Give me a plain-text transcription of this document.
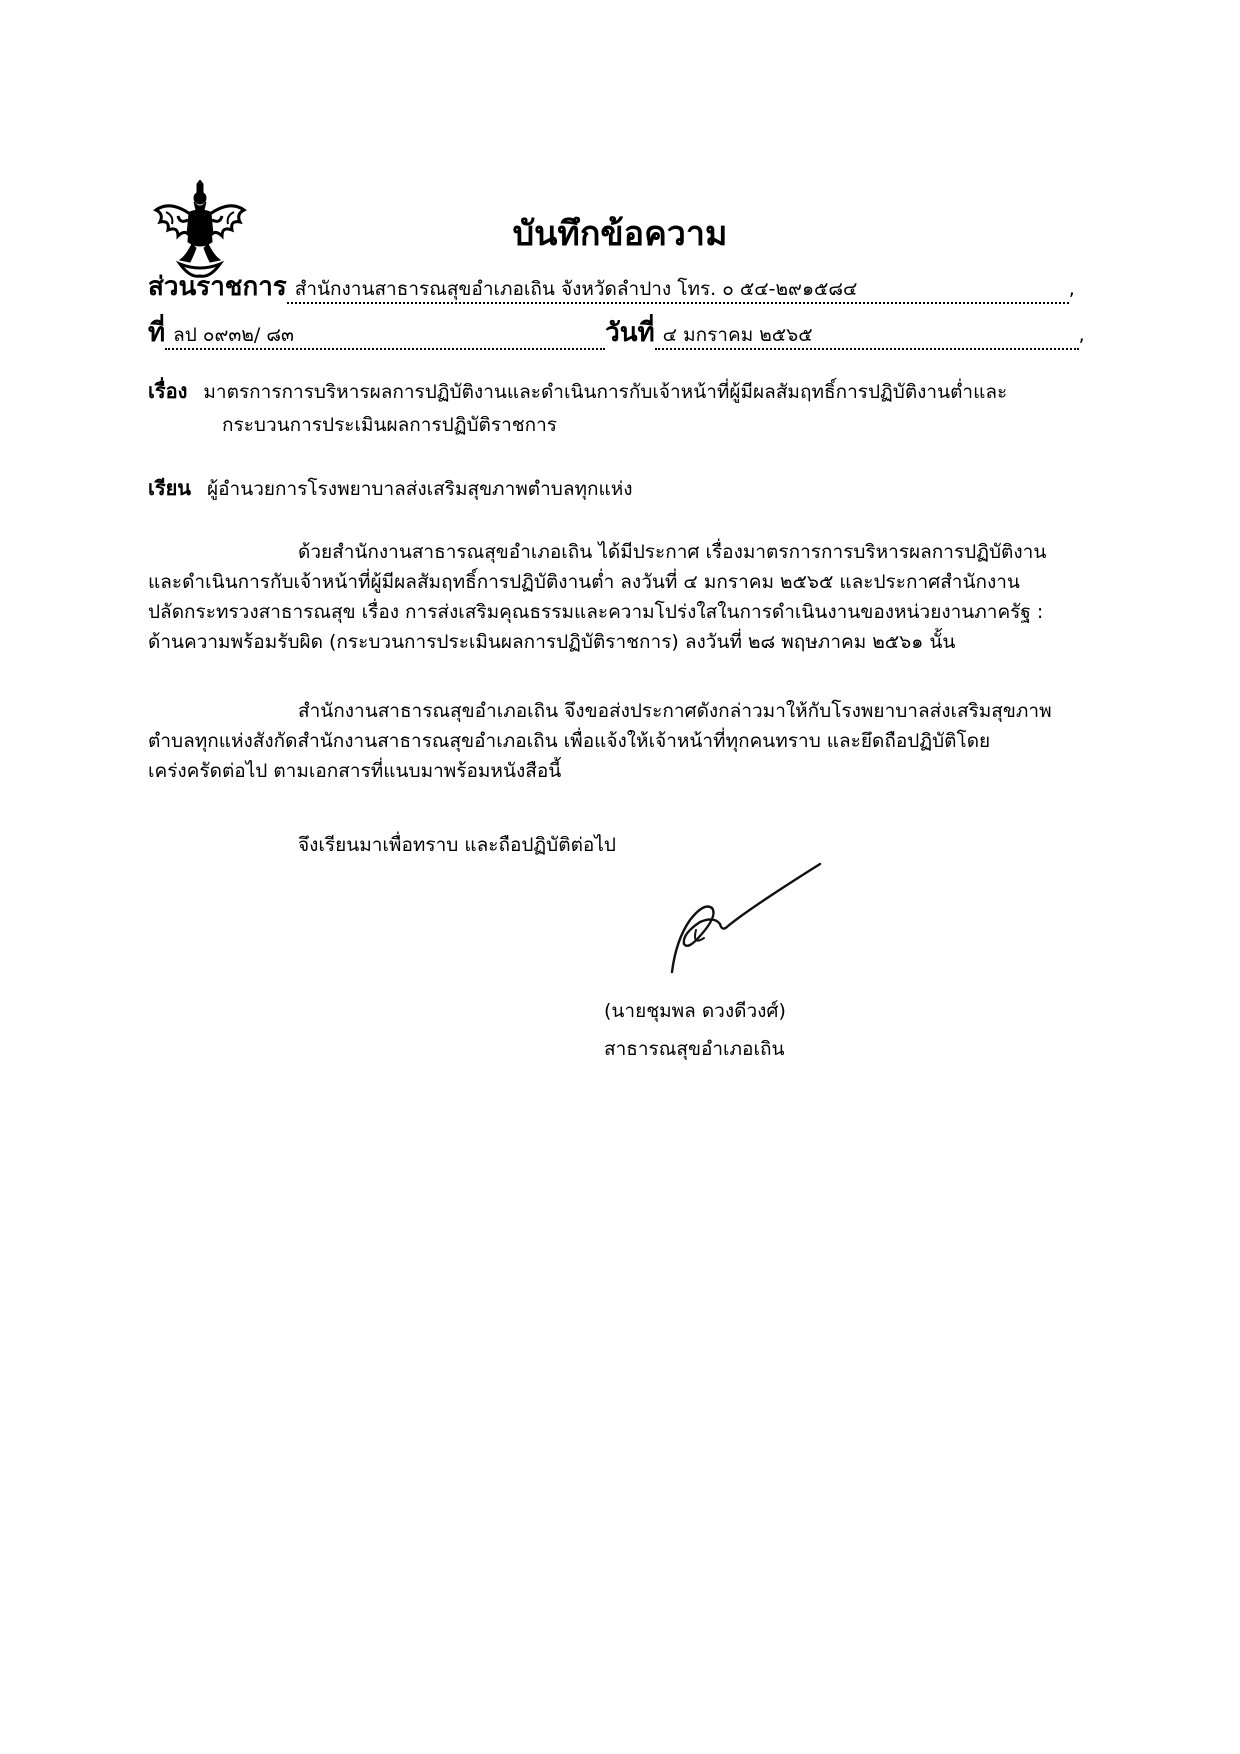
บันทึกข้อความ
ส่วนราชการ สำนักงานสาธารณสุขอำเภอเถิน จังหวัดลำปาง โทร. ๐ ๕๔-๒๙๑๕๘๔	,
ที่ ลป ๐๙๓๒/ ๘๓	วันที่ ๔ มกราคม ๒๕๖๕	,
เรื่อง มาตรการการบริหารผลการปฏิบัติงานและดำเนินการกับเจ้าหน้าที่ผู้มีผลสัมฤทธิ์การปฏิบัติงานต่ำและ
กระบวนการประเมินผลการปฏิบัติราชการ
เรียน ผู้อำนวยการโรงพยาบาลส่งเสริมสุขภาพตำบลทุกแห่ง
ด้วยสำนักงานสาธารณสุขอำเภอเถิน ได้มีประกาศ เรื่องมาตรการการบริหารผลการปฏิบัติงาน
และดำเนินการกับเจ้าหน้าที่ผู้มีผลสัมฤทธิ์การปฏิบัติงานต่ำ ลงวันที่ ๔ มกราคม ๒๕๖๕ และประกาศสำนักงาน
ปลัดกระทรวงสาธารณสุข เรื่อง การส่งเสริมคุณธรรมและความโปร่งใสในการดำเนินงานของหน่วยงานภาครัฐ :
ด้านความพร้อมรับผิด (กระบวนการประเมินผลการปฏิบัติราชการ) ลงวันที่ ๒๘ พฤษภาคม ๒๕๖๑ นั้น
สำนักงานสาธารณสุขอำเภอเถิน จึงขอส่งประกาศดังกล่าวมาให้กับโรงพยาบาลส่งเสริมสุขภาพ
ตำบลทุกแห่งสังกัดสำนักงานสาธารณสุขอำเภอเถิน เพื่อแจ้งให้เจ้าหน้าที่ทุกคนทราบ และยึดถือปฏิบัติโดย
เคร่งครัดต่อไป ตามเอกสารที่แนบมาพร้อมหนังสือนี้
จึงเรียนมาเพื่อทราบ และถือปฏิบัติต่อไป
(นายชุมพล ดวงดีวงศ์)
สาธารณสุขอำเภอเถิน
